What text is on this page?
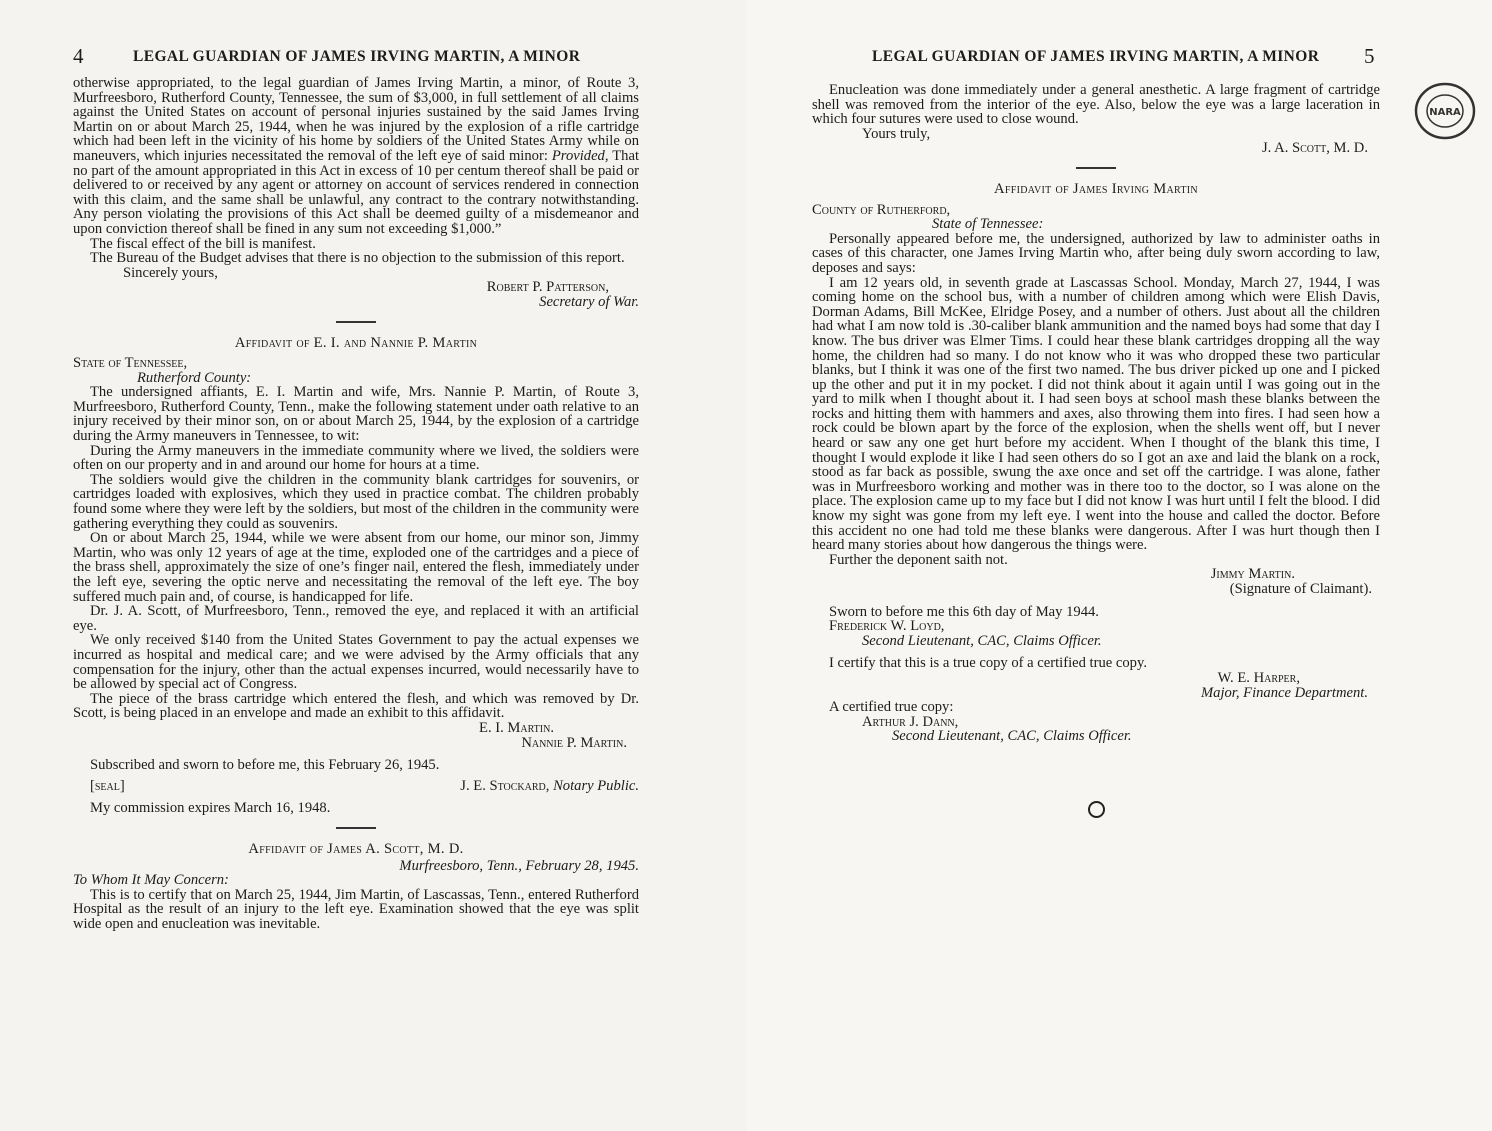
4	LEGAL GUARDIAN OF JAMES IRVING MARTIN, A MINOR

otherwise appropriated, to the legal guardian of James Irving Martin, a minor, of Route 3, Murfreesboro, Rutherford County, Tennessee, the sum of $3,000, in full settlement of all claims against the United States on account of personal injuries sustained by the said James Irving Martin on or about March 25, 1944, when he was injured by the explosion of a rifle cartridge which had been left in the vicinity of his home by soldiers of the United States Army while on maneuvers, which injuries necessitated the removal of the left eye of said minor: Provided, That no part of the amount appropriated in this Act in excess of 10 per centum thereof shall be paid or delivered to or received by any agent or attorney on account of services rendered in connection with this claim, and the same shall be unlawful, any contract to the contrary notwithstanding. Any person violating the provisions of this Act shall be deemed guilty of a misdemeanor and upon conviction thereof shall be fined in any sum not exceeding $1,000.”

The fiscal effect of the bill is manifest.

The Bureau of the Budget advises that there is no objection to the submission of this report.

Sincerely yours,

Robert P. Patterson,

Secretary of War.

Affidavit of E. I. and Nannie P. Martin

State of Tennessee,

Rutherford County:

The undersigned affiants, E. I. Martin and wife, Mrs. Nannie P. Martin, of Route 3, Murfreesboro, Rutherford County, Tenn., make the following statement under oath relative to an injury received by their minor son, on or about March 25, 1944, by the explosion of a cartridge during the Army maneuvers in Tennessee, to wit:

During the Army maneuvers in the immediate community where we lived, the soldiers were often on our property and in and around our home for hours at a time.

The soldiers would give the children in the community blank cartridges for souvenirs, or cartridges loaded with explosives, which they used in practice combat. The children probably found some where they were left by the soldiers, but most of the children in the community were gathering everything they could as souvenirs.

On or about March 25, 1944, while we were absent from our home, our minor son, Jimmy Martin, who was only 12 years of age at the time, exploded one of the cartridges and a piece of the brass shell, approximately the size of one’s finger nail, entered the flesh, immediately under the left eye, severing the optic nerve and necessitating the removal of the left eye. The boy suffered much pain and, of course, is handicapped for life.

Dr. J. A. Scott, of Murfreesboro, Tenn., removed the eye, and replaced it with an artificial eye.

We only received $140 from the United States Government to pay the actual expenses we incurred as hospital and medical care; and we were advised by the Army officials that any compensation for the injury, other than the actual expenses incurred, would necessarily have to be allowed by special act of Congress.

The piece of the brass cartridge which entered the flesh, and which was removed by Dr. Scott, is being placed in an envelope and made an exhibit to this affidavit.

E. I. Martin.

Nannie P. Martin.

Subscribed and sworn to before me, this February 26, 1945.

[seal]	J. E. Stockard, Notary Public.

My commission expires March 16, 1948.

Affidavit of James A. Scott, M. D.

Murfreesboro, Tenn., February 28, 1945.

To Whom It May Concern:

This is to certify that on March 25, 1944, Jim Martin, of Lascassas, Tenn., entered Rutherford Hospital as the result of an injury to the left eye. Examination showed that the eye was split wide open and enucleation was inevitable.

LEGAL GUARDIAN OF JAMES IRVING MARTIN, A MINOR 5
NARA

Enucleation was done immediately under a general anesthetic. A large fragment of cartridge shell was removed from the interior of the eye. Also, below the eye was a large laceration in which four sutures were used to close wound.

Yours truly,

J. A. Scott, M. D.

Affidavit of James Irving Martin

County of Rutherford,

State of Tennessee:

Personally appeared before me, the undersigned, authorized by law to administer oaths in cases of this character, one James Irving Martin who, after being duly sworn according to law, deposes and says:

I am 12 years old, in seventh grade at Lascassas School. Monday, March 27, 1944, I was coming home on the school bus, with a number of children among which were Elish Davis, Dorman Adams, Bill McKee, Elridge Posey, and a number of others. Just about all the children had what I am now told is .30-caliber blank ammunition and the named boys had some that day I know. The bus driver was Elmer Tims. I could hear these blank cartridges dropping all the way home, the children had so many. I do not know who it was who dropped these two particular blanks, but I think it was one of the first two named. The bus driver picked up one and I picked up the other and put it in my pocket. I did not think about it again until I was going out in the yard to milk when I thought about it. I had seen boys at school mash these blanks between the rocks and hitting them with hammers and axes, also throwing them into fires. I had seen how a rock could be blown apart by the force of the explosion, when the shells went off, but I never heard or saw any one get hurt before my accident. When I thought of the blank this time, I thought I would explode it like I had seen others do so I got an axe and laid the blank on a rock, stood as far back as possible, swung the axe once and set off the cartridge. I was alone, father was in Murfreesboro working and mother was in there too to the doctor, so I was alone on the place. The explosion came up to my face but I did not know I was hurt until I felt the blood. I did know my sight was gone from my left eye. I went into the house and called the doctor. Before this accident no one had told me these blanks were dangerous. After I was hurt though then I heard many stories about how dangerous the things were.

Further the deponent saith not.

Jimmy Martin.

(Signature of Claimant).

Sworn to before me this 6th day of May 1944.

Frederick W. Loyd,

Second Lieutenant, CAC, Claims Officer.

I certify that this is a true copy of a certified true copy.

W. E. Harper,

Major, Finance Department.

A certified true copy:

Arthur J. Dann,

Second Lieutenant, CAC, Claims Officer.
